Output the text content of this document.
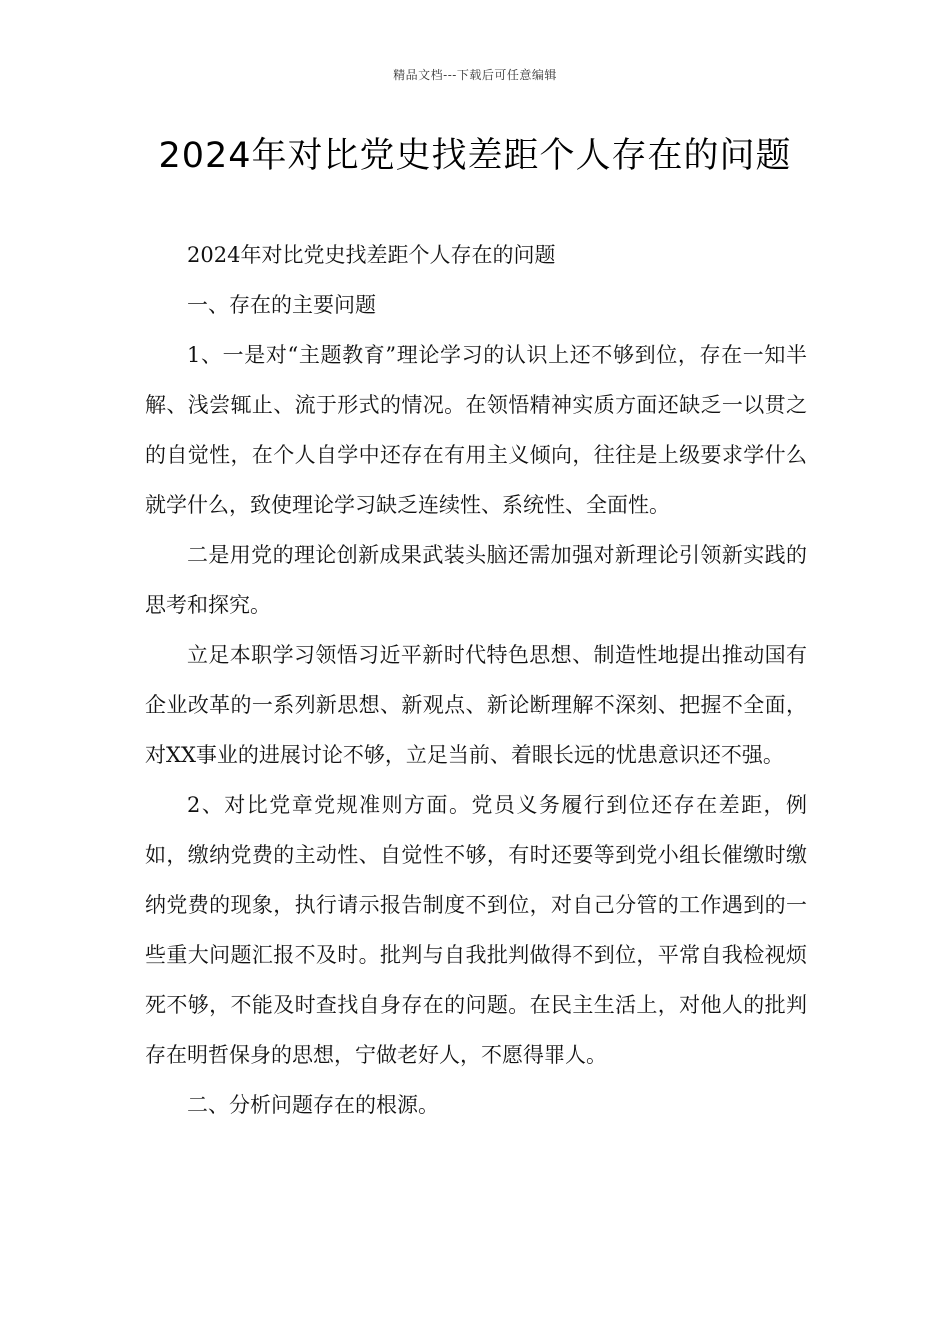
精品文档---下载后可任意编辑
2024年对比党史找差距个人存在的问题

2024年对比党史找差距个人存在的问题

一、存在的主要问题

1、一是对“主题教育”理论学习的认识上还不够到位，存在一知半解、浅尝辄止、流于形式的情况。在领悟精神实质方面还缺乏一以贯之的自觉性，在个人自学中还存在有用主义倾向，往往是上级要求学什么就学什么，致使理论学习缺乏连续性、系统性、全面性。

二是用党的理论创新成果武装头脑还需加强对新理论引领新实践的思考和探究。

立足本职学习领悟习近平新时代特色思想、制造性地提出推动国有企业改革的一系列新思想、新观点、新论断理解不深刻、把握不全面，对XX事业的进展讨论不够，立足当前、着眼长远的忧患意识还不强。

2、对比党章党规准则方面。党员义务履行到位还存在差距，例如，缴纳党费的主动性、自觉性不够，有时还要等到党小组长催缴时缴纳党费的现象，执行请示报告制度不到位，对自己分管的工作遇到的一些重大问题汇报不及时。批判与自我批判做得不到位，平常自我检视烦死不够，不能及时查找自身存在的问题。在民主生活上，对他人的批判存在明哲保身的思想，宁做老好人，不愿得罪人。

二、分析问题存在的根源。
